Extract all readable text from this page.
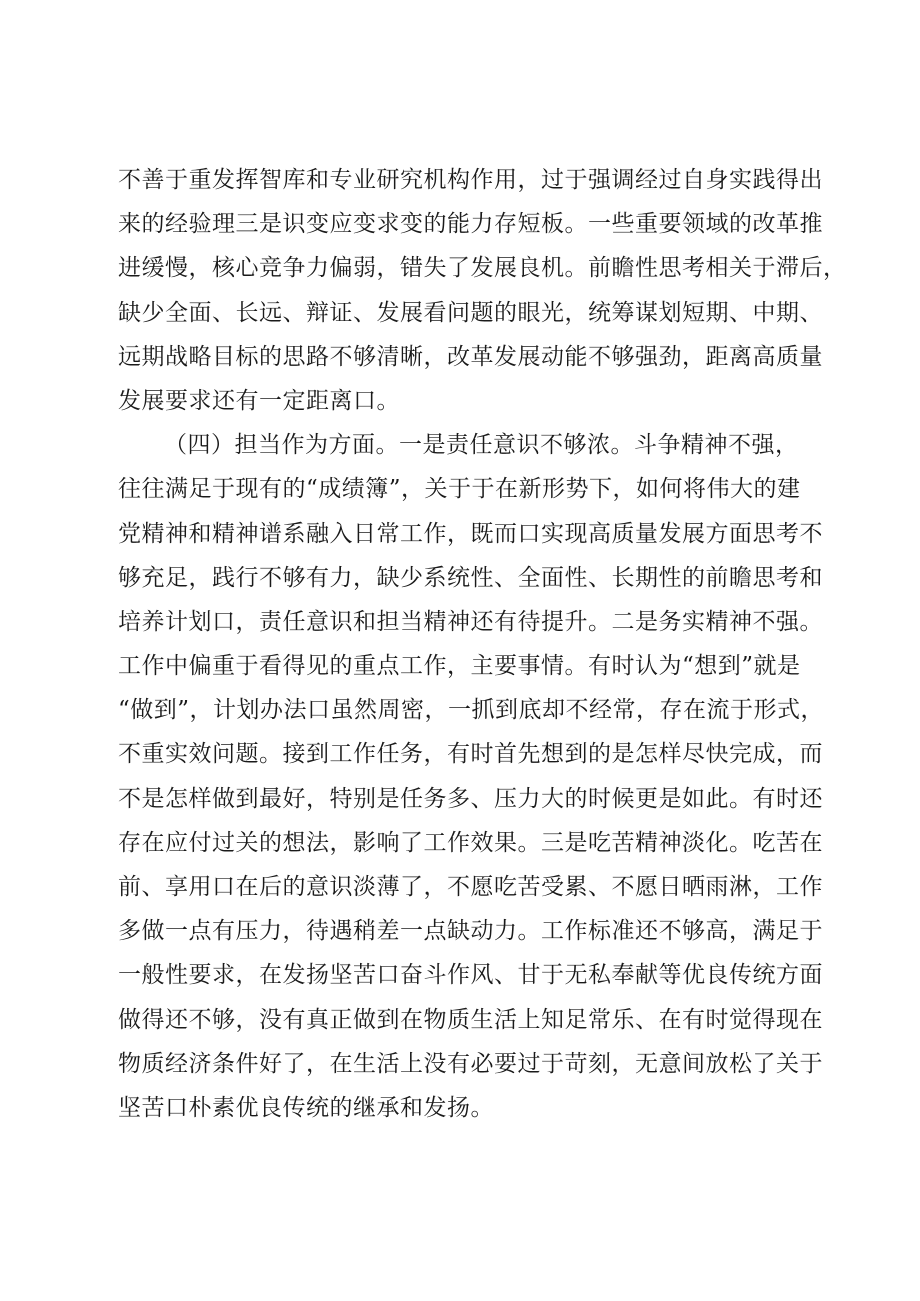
不善于重发挥智库和专业研究机构作用，过于强调经过自身实践得出
来的经验理三是识变应变求变的能力存短板。一些重要领域的改革推
进缓慢，核心竞争力偏弱，错失了发展良机。前瞻性思考相关于滞后，
缺少全面、长远、辩证、发展看问题的眼光，统筹谋划短期、中期、
远期战略目标的思路不够清晰，改革发展动能不够强劲，距离高质量
发展要求还有一定距离口。
（四）担当作为方面。一是责任意识不够浓。斗争精神不强，
往往满足于现有的“成绩簿”，关于于在新形势下，如何将伟大的建
党精神和精神谱系融入日常工作，既而口实现高质量发展方面思考不
够充足，践行不够有力，缺少系统性、全面性、长期性的前瞻思考和
培养计划口，责任意识和担当精神还有待提升。二是务实精神不强。
工作中偏重于看得见的重点工作，主要事情。有时认为“想到”就是
“做到”，计划办法口虽然周密，一抓到底却不经常，存在流于形式，
不重实效问题。接到工作任务，有时首先想到的是怎样尽快完成，而
不是怎样做到最好，特别是任务多、压力大的时候更是如此。有时还
存在应付过关的想法，影响了工作效果。三是吃苦精神淡化。吃苦在
前、享用口在后的意识淡薄了，不愿吃苦受累、不愿日晒雨淋，工作
多做一点有压力，待遇稍差一点缺动力。工作标准还不够高，满足于
一般性要求，在发扬坚苦口奋斗作风、甘于无私奉献等优良传统方面
做得还不够，没有真正做到在物质生活上知足常乐、在有时觉得现在
物质经济条件好了，在生活上没有必要过于苛刻，无意间放松了关于
坚苦口朴素优良传统的继承和发扬。
